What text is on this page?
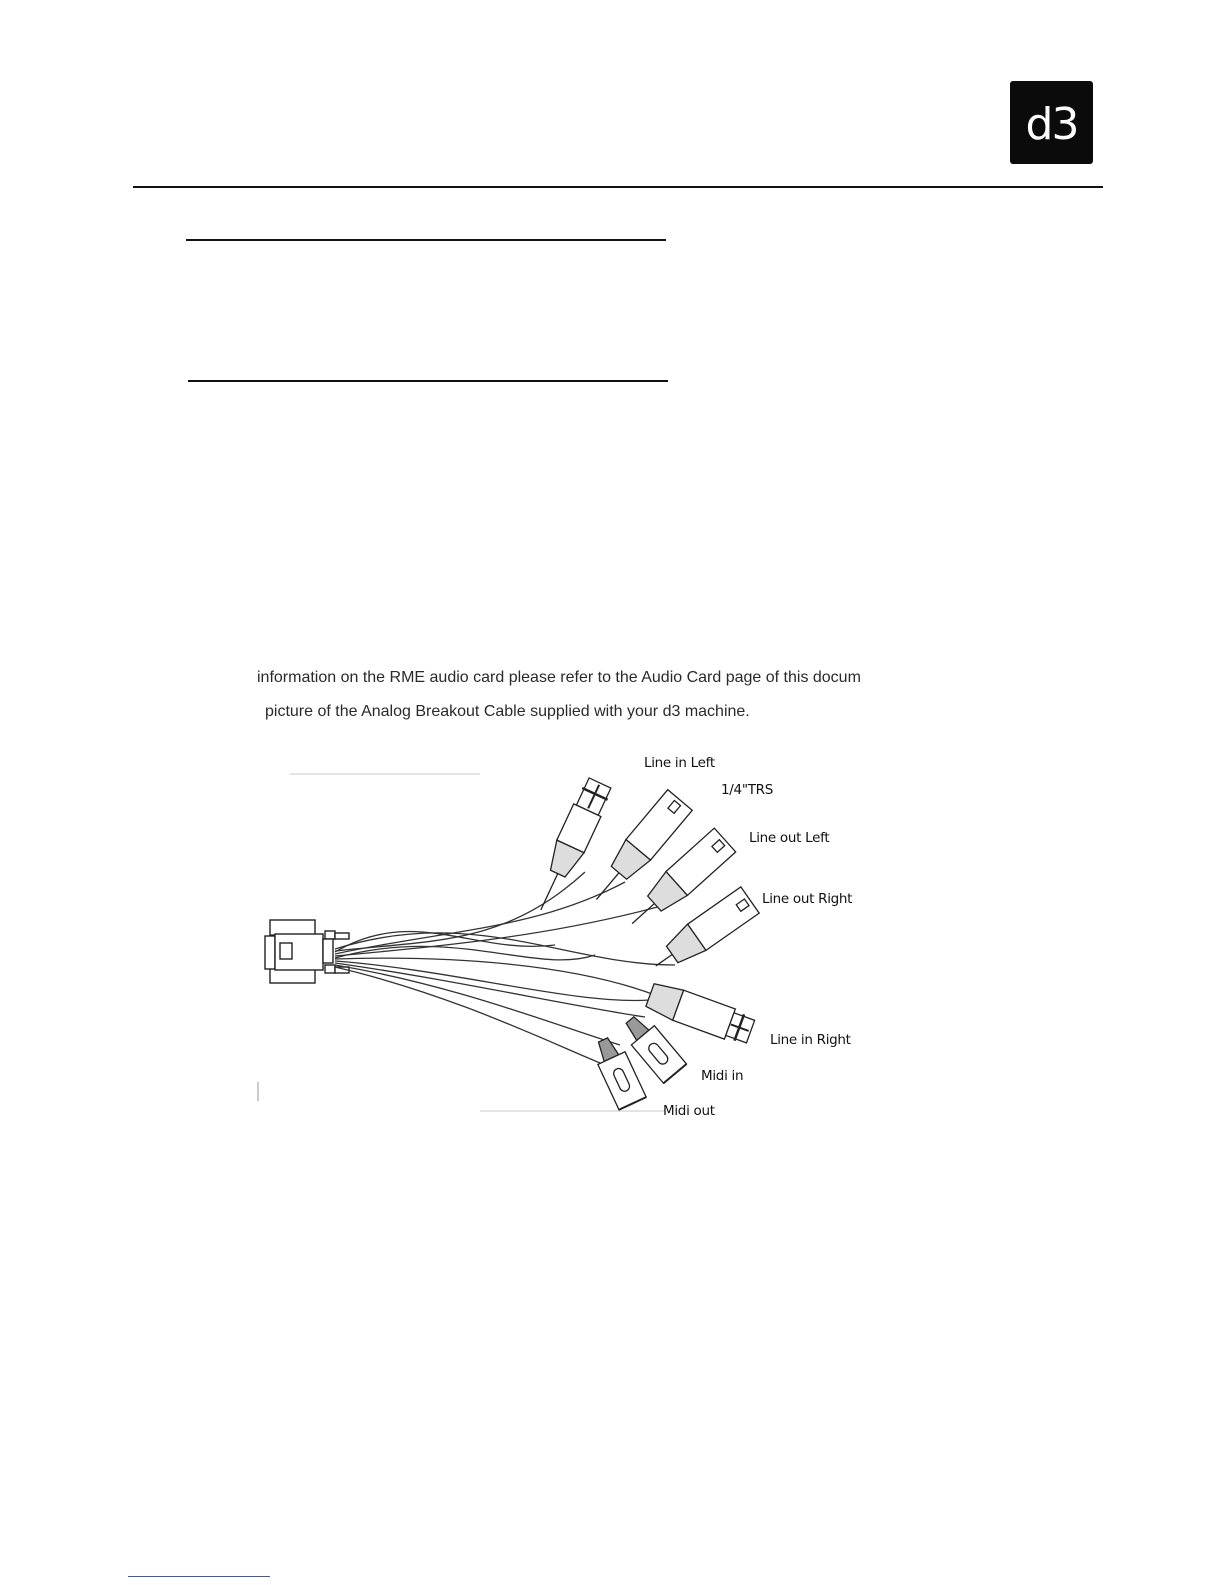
d3
information on the RME audio card please refer to the Audio Card page of this docum
picture of the Analog Breakout Cable supplied with your d3 machine.
Line in Left
1/4"TRS
Line out Left
Line out Right
Line in Right
Midi in
Midi out
